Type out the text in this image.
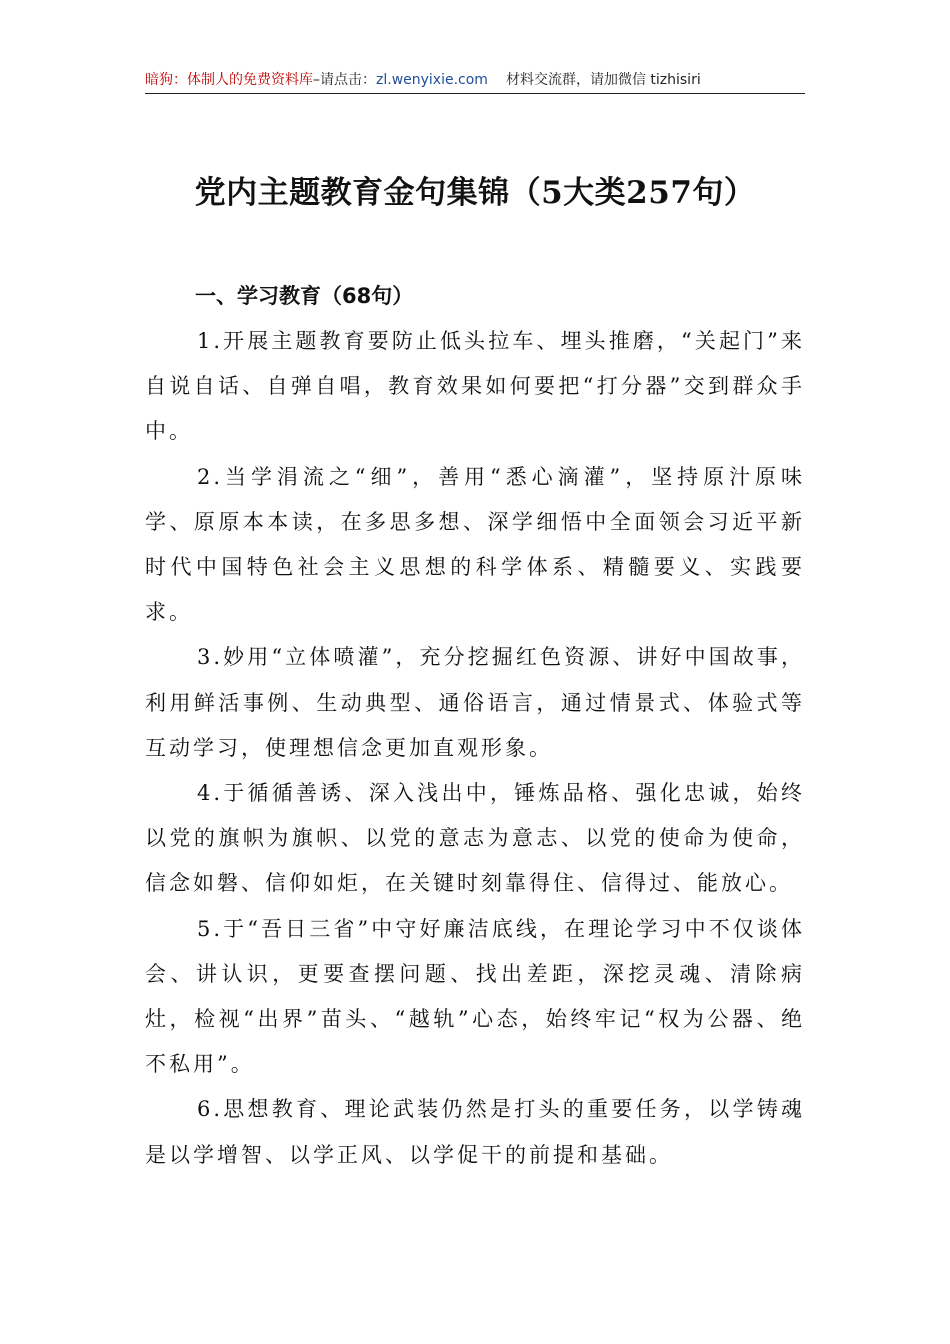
暗狗：体制人的免费资料库–请点击：zl.wenyixie.com 材料交流群，请加微信 tizhisiri
党内主题教育金句集锦（5大类257句）
一、学习教育（68句）

1.开展主题教育要防止低头拉车、埋头推磨，“关起门”来自说自话、自弹自唱，教育效果如何要把“打分器”交到群众手中。

2.当学涓流之“细”，善用“悉心滴灌”，坚持原汁原味学、原原本本读，在多思多想、深学细悟中全面领会习近平新时代中国特色社会主义思想的科学体系、精髓要义、实践要求。

3.妙用“立体喷灌”，充分挖掘红色资源、讲好中国故事，利用鲜活事例、生动典型、通俗语言，通过情景式、体验式等互动学习，使理想信念更加直观形象。

4.于循循善诱、深入浅出中，锤炼品格、强化忠诚，始终以党的旗帜为旗帜、以党的意志为意志、以党的使命为使命，信念如磐、信仰如炬，在关键时刻靠得住、信得过、能放心。

5.于“吾日三省”中守好廉洁底线，在理论学习中不仅谈体会、讲认识，更要查摆问题、找出差距，深挖灵魂、清除病灶，检视“出界”苗头、“越轨”心态，始终牢记“权为公器、绝不私用”。

6.思想教育、理论武装仍然是打头的重要任务，以学铸魂是以学增智、以学正风、以学促干的前提和基础。
